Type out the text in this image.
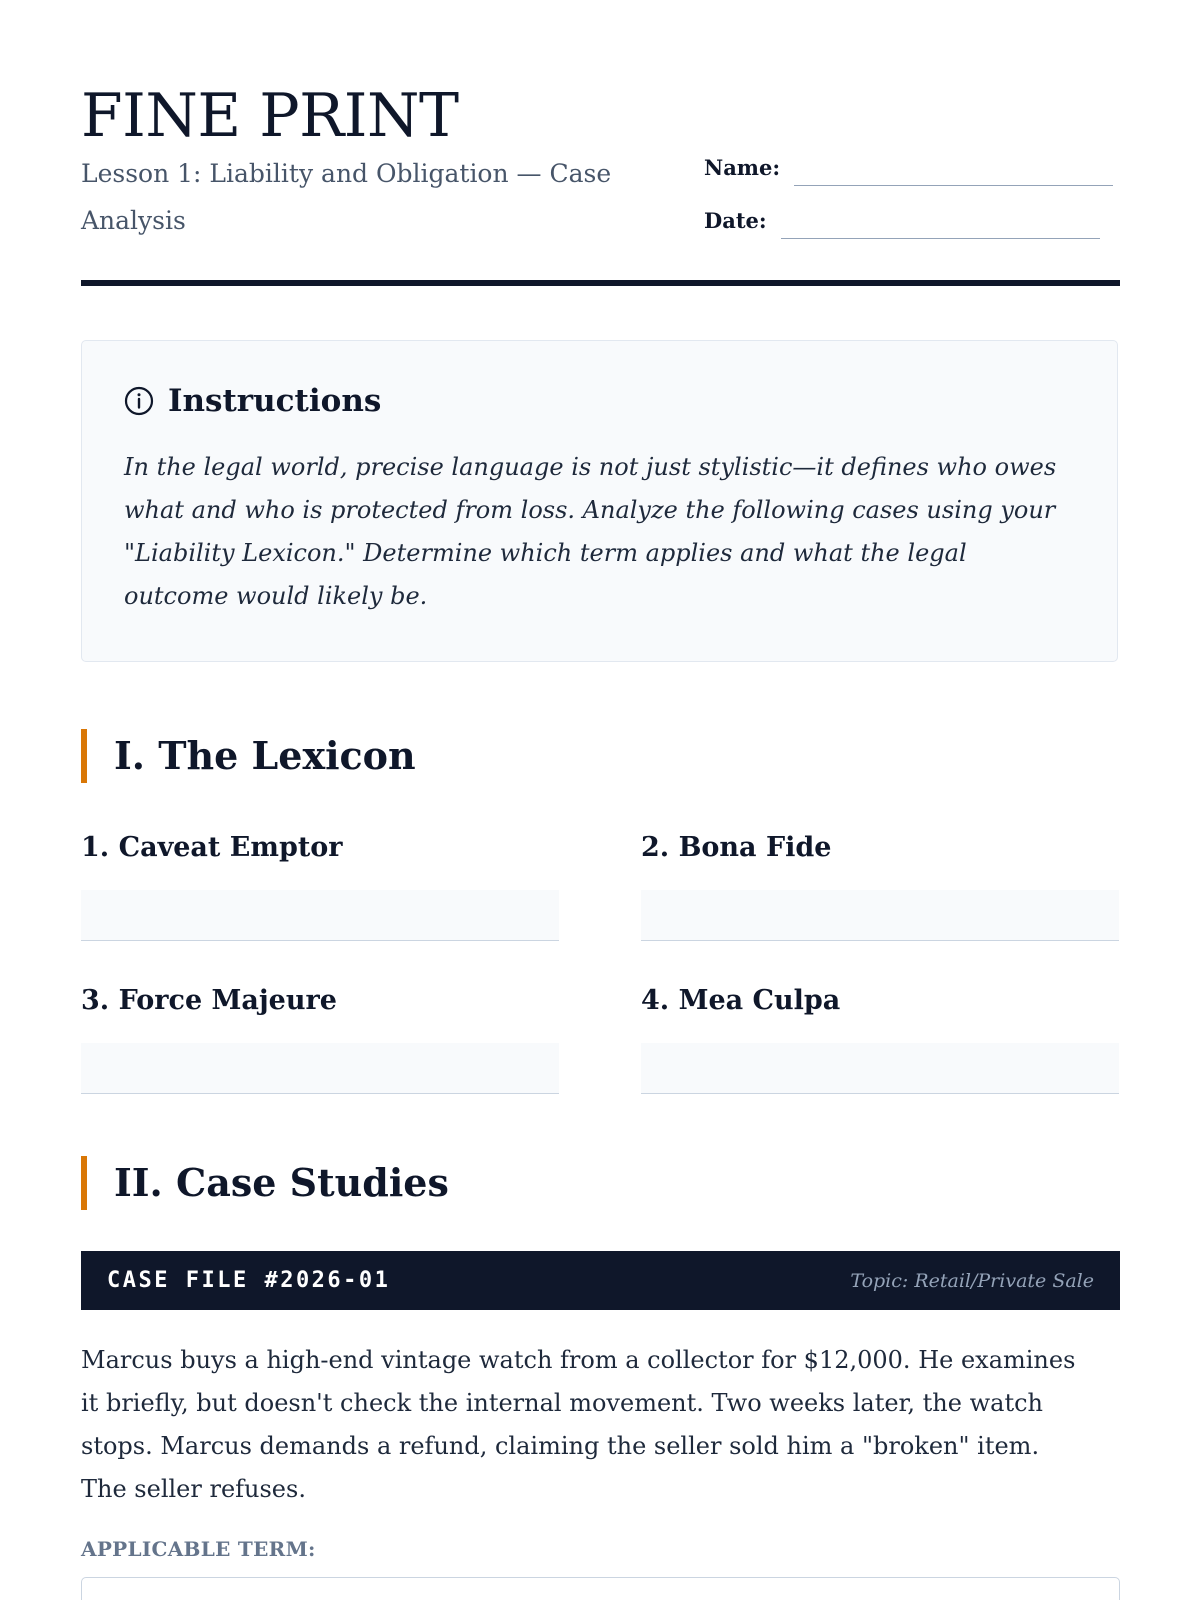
FINE PRINT

Lesson 1: Liability and Obligation — Case Analysis

Name:
Date:
Instructions

In the legal world, precise language is not just stylistic—it defines who owes what and who is protected from loss. Analyze the following cases using your "Liability Lexicon." Determine which term applies and what the legal outcome would likely be.

I. The Lexicon
1. Caveat Emptor	2. Bona Fide
3. Force Majeure	4. Mea Culpa
II. Case Studies
CASE FILE #2026-01	Topic: Retail/Private Sale

Marcus buys a high-end vintage watch from a collector for $12,000. He examines it briefly, but doesn't check the internal movement. Two weeks later, the watch stops. Marcus demands a refund, claiming the seller sold him a "broken" item. The seller refuses.

APPLICABLE TERM:
